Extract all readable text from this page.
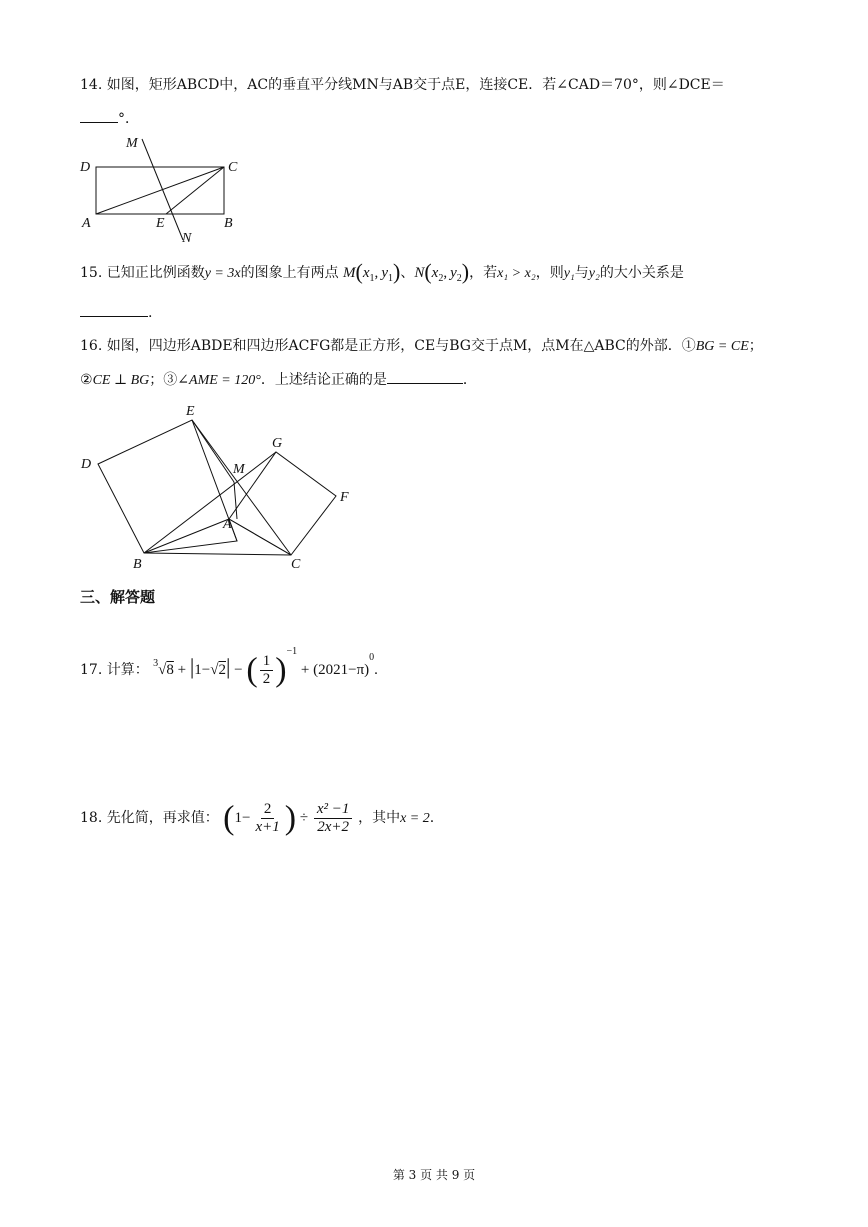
14. 如图，矩形ABCD中，AC的垂直平分线MN与AB交于点E，连接CE．若∠CAD＝70°，则∠DCE＝
°．
M
D	C
A	E	B
N
15. 已知正比例函数y = 3x的图象上有两点 $M(x_1$, $y_1$)、$N(x_2$, $y_2$)，若x₁ > x₂，则y₁与y₂的大小关系是
.
16. 如图，四边形ABDE和四边形ACFG都是正方形，CE与BG交于点M，点M在△ABC的外部．①BG = CE；
②CE ⊥ BG；③∠AME = 120°．上述结论正确的是	．
E
G
D	M
F
A
B	C
三、解答题
17. 计算： $^3$√8 + |1−√2| − ( $\frac{1}{2} )^{-1} + (2021-\pi)^0$.
18. 先化简，再求值： ($1- \frac{2}{x+1}$ ) ÷ $\frac{\text{x² −1}}{2x+2}$ ，其中x = 2.
第 3 页 共 9 页
